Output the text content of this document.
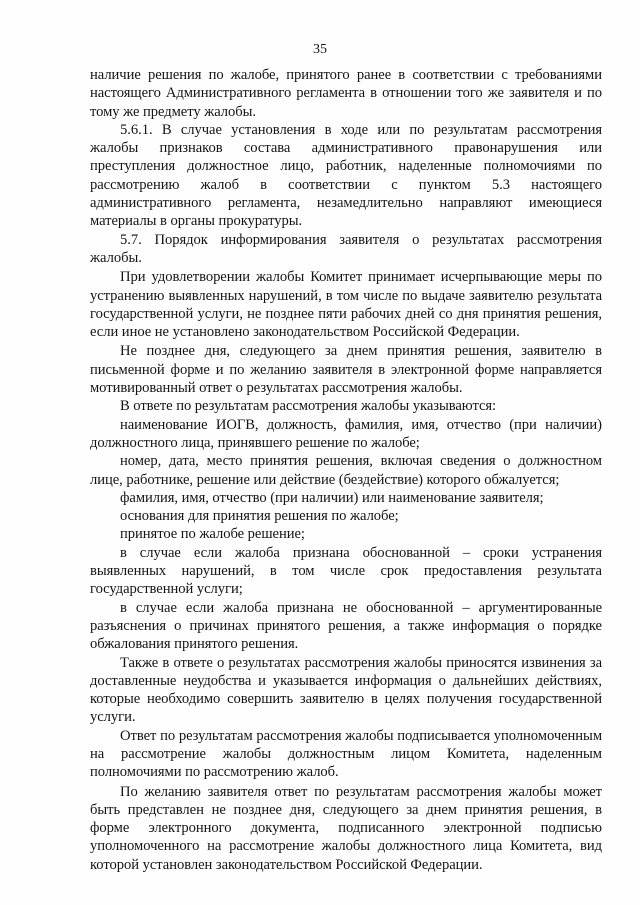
35

наличие решения по жалобе, принятого ранее в соответствии с требованиями настоящего Административного регламента в отношении того же заявителя и по тому же предмету жалобы.

5.6.1. В случае установления в ходе или по результатам рассмотрения жалобы признаков состава административного правонарушения или преступления должностное лицо, работник, наделенные полномочиями по рассмотрению жалоб в соответствии с пунктом 5.3 настоящего административного регламента, незамедлительно направляют имеющиеся материалы в органы прокуратуры.

5.7. Порядок информирования заявителя о результатах рассмотрения жалобы.

При удовлетворении жалобы Комитет принимает исчерпывающие меры по устранению выявленных нарушений, в том числе по выдаче заявителю результата государственной услуги, не позднее пяти рабочих дней со дня принятия решения, если иное не установлено законодательством Российской Федерации.

Не позднее дня, следующего за днем принятия решения, заявителю в письменной форме и по желанию заявителя в электронной форме направляется мотивированный ответ о результатах рассмотрения жалобы.

В ответе по результатам рассмотрения жалобы указываются:

наименование ИОГВ, должность, фамилия, имя, отчество (при наличии) должностного лица, принявшего решение по жалобе;

номер, дата, место принятия решения, включая сведения о должностном лице, работнике, решение или действие (бездействие) которого обжалуется;

фамилия, имя, отчество (при наличии) или наименование заявителя;

основания для принятия решения по жалобе;

принятое по жалобе решение;

в случае если жалоба признана обоснованной – сроки устранения выявленных нарушений, в том числе срок предоставления результата государственной услуги;

в случае если жалоба признана не обоснованной – аргументированные разъяснения о причинах принятого решения, а также информация о порядке обжалования принятого решения.

Также в ответе о результатах рассмотрения жалобы приносятся извинения за доставленные неудобства и указывается информация о дальнейших действиях, которые необходимо совершить заявителю в целях получения государственной услуги.

Ответ по результатам рассмотрения жалобы подписывается уполномоченным на рассмотрение жалобы должностным лицом Комитета, наделенным полномочиями по рассмотрению жалоб.

По желанию заявителя ответ по результатам рассмотрения жалобы может быть представлен не позднее дня, следующего за днем принятия решения, в форме электронного документа, подписанного электронной подписью уполномоченного на рассмотрение жалобы должностного лица Комитета, вид которой установлен законодательством Российской Федерации.
